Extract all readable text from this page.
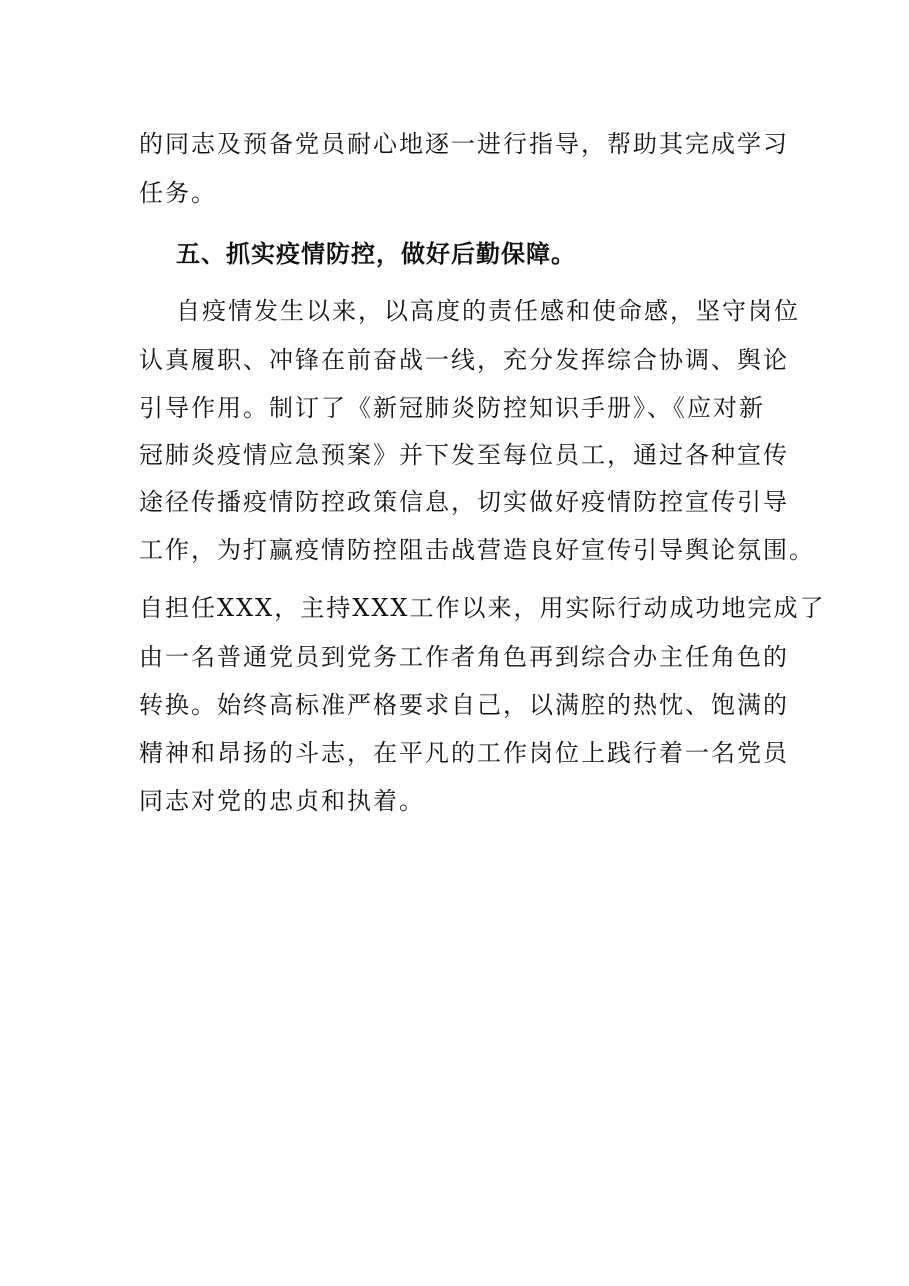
的同志及预备党员耐心地逐一进行指导，帮助其完成学习
任务。
五、抓实疫情防控，做好后勤保障。
自疫情发生以来，以高度的责任感和使命感，坚守岗位
认真履职、冲锋在前奋战一线，充分发挥综合协调、舆论
引导作用。制订了《新冠肺炎防控知识手册》、《应对新
冠肺炎疫情应急预案》并下发至每位员工，通过各种宣传
途径传播疫情防控政策信息，切实做好疫情防控宣传引导
工作，为打赢疫情防控阻击战营造良好宣传引导舆论氛围。
自担任XXX，主持XXX工作以来，用实际行动成功地完成了
由一名普通党员到党务工作者角色再到综合办主任角色的
转换。始终高标准严格要求自己，以满腔的热忱、饱满的
精神和昂扬的斗志，在平凡的工作岗位上践行着一名党员
同志对党的忠贞和执着。
